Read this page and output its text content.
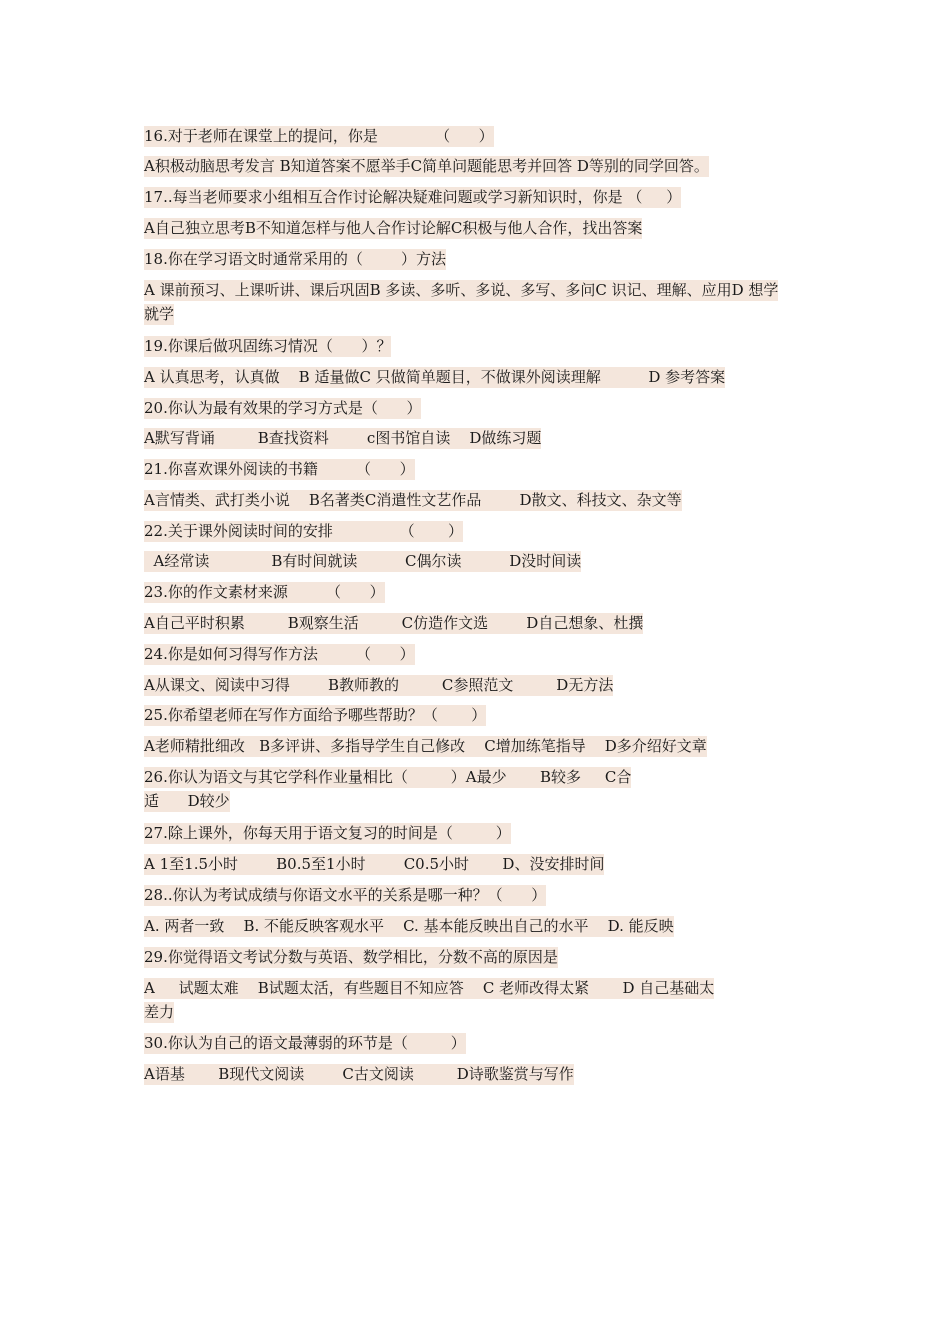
16.对于老师在课堂上的提问，你是            （      ）
A积极动脑思考发言 B知道答案不愿举手C简单问题能思考并回答 D等别的同学回答。
17..每当老师要求小组相互合作讨论解决疑难问题或学习新知识时，你是 （     ）
A自己独立思考B不知道怎样与他人合作讨论解C积极与他人合作，找出答案
18.你在学习语文时通常采用的（        ）方法
A 课前预习、上课听讲、课后巩固B 多读、多听、多说、多写、多问C 识记、理解、应用D 想学
就学
19.你课后做巩固练习情况（      ）？
A 认真思考，认真做    B 适量做C 只做简单题目，不做课外阅读理解          D 参考答案
20.你认为最有效果的学习方式是（      ）
A默写背诵         B查找资料        c图书馆自读    D做练习题
21.你喜欢课外阅读的书籍        （      ）
A言情类、武打类小说    B名著类C消遣性文艺作品        D散文、科技文、杂文等
22.关于课外阅读时间的安排              （       ）
A经常读             B有时间就读          C偶尔读          D没时间读
23.你的作文素材来源        （      ）
A自己平时积累         B观察生活         C仿造作文选        D自己想象、杜撰
24.你是如何习得写作方法        （      ）
A从课文、阅读中习得        B教师教的         C参照范文         D无方法
25.你希望老师在写作方面给予哪些帮助？（       ）
A老师精批细改   B多评讲、多指导学生自己修改    C增加练笔指导    D多介绍好文章
26.你认为语文与其它学科作业量相比（         ）A最少       B较多     C合
适      D较少
27.除上课外，你每天用于语文复习的时间是（         ）
A 1至1.5小时        B0.5至1小时        C0.5小时       D、没安排时间
28..你认为考试成绩与你语文水平的关系是哪一种？（      ）
A. 两者一致    B. 不能反映客观水平    C. 基本能反映出自己的水平    D. 能反映
29.你觉得语文考试分数与英语、数学相比，分数不高的原因是
A     试题太难    B试题太活，有些题目不知应答    C 老师改得太紧       D 自己基础太
差力
30.你认为自己的语文最薄弱的环节是（         ）
A语基       B现代文阅读        C古文阅读         D诗歌鉴赏与写作
